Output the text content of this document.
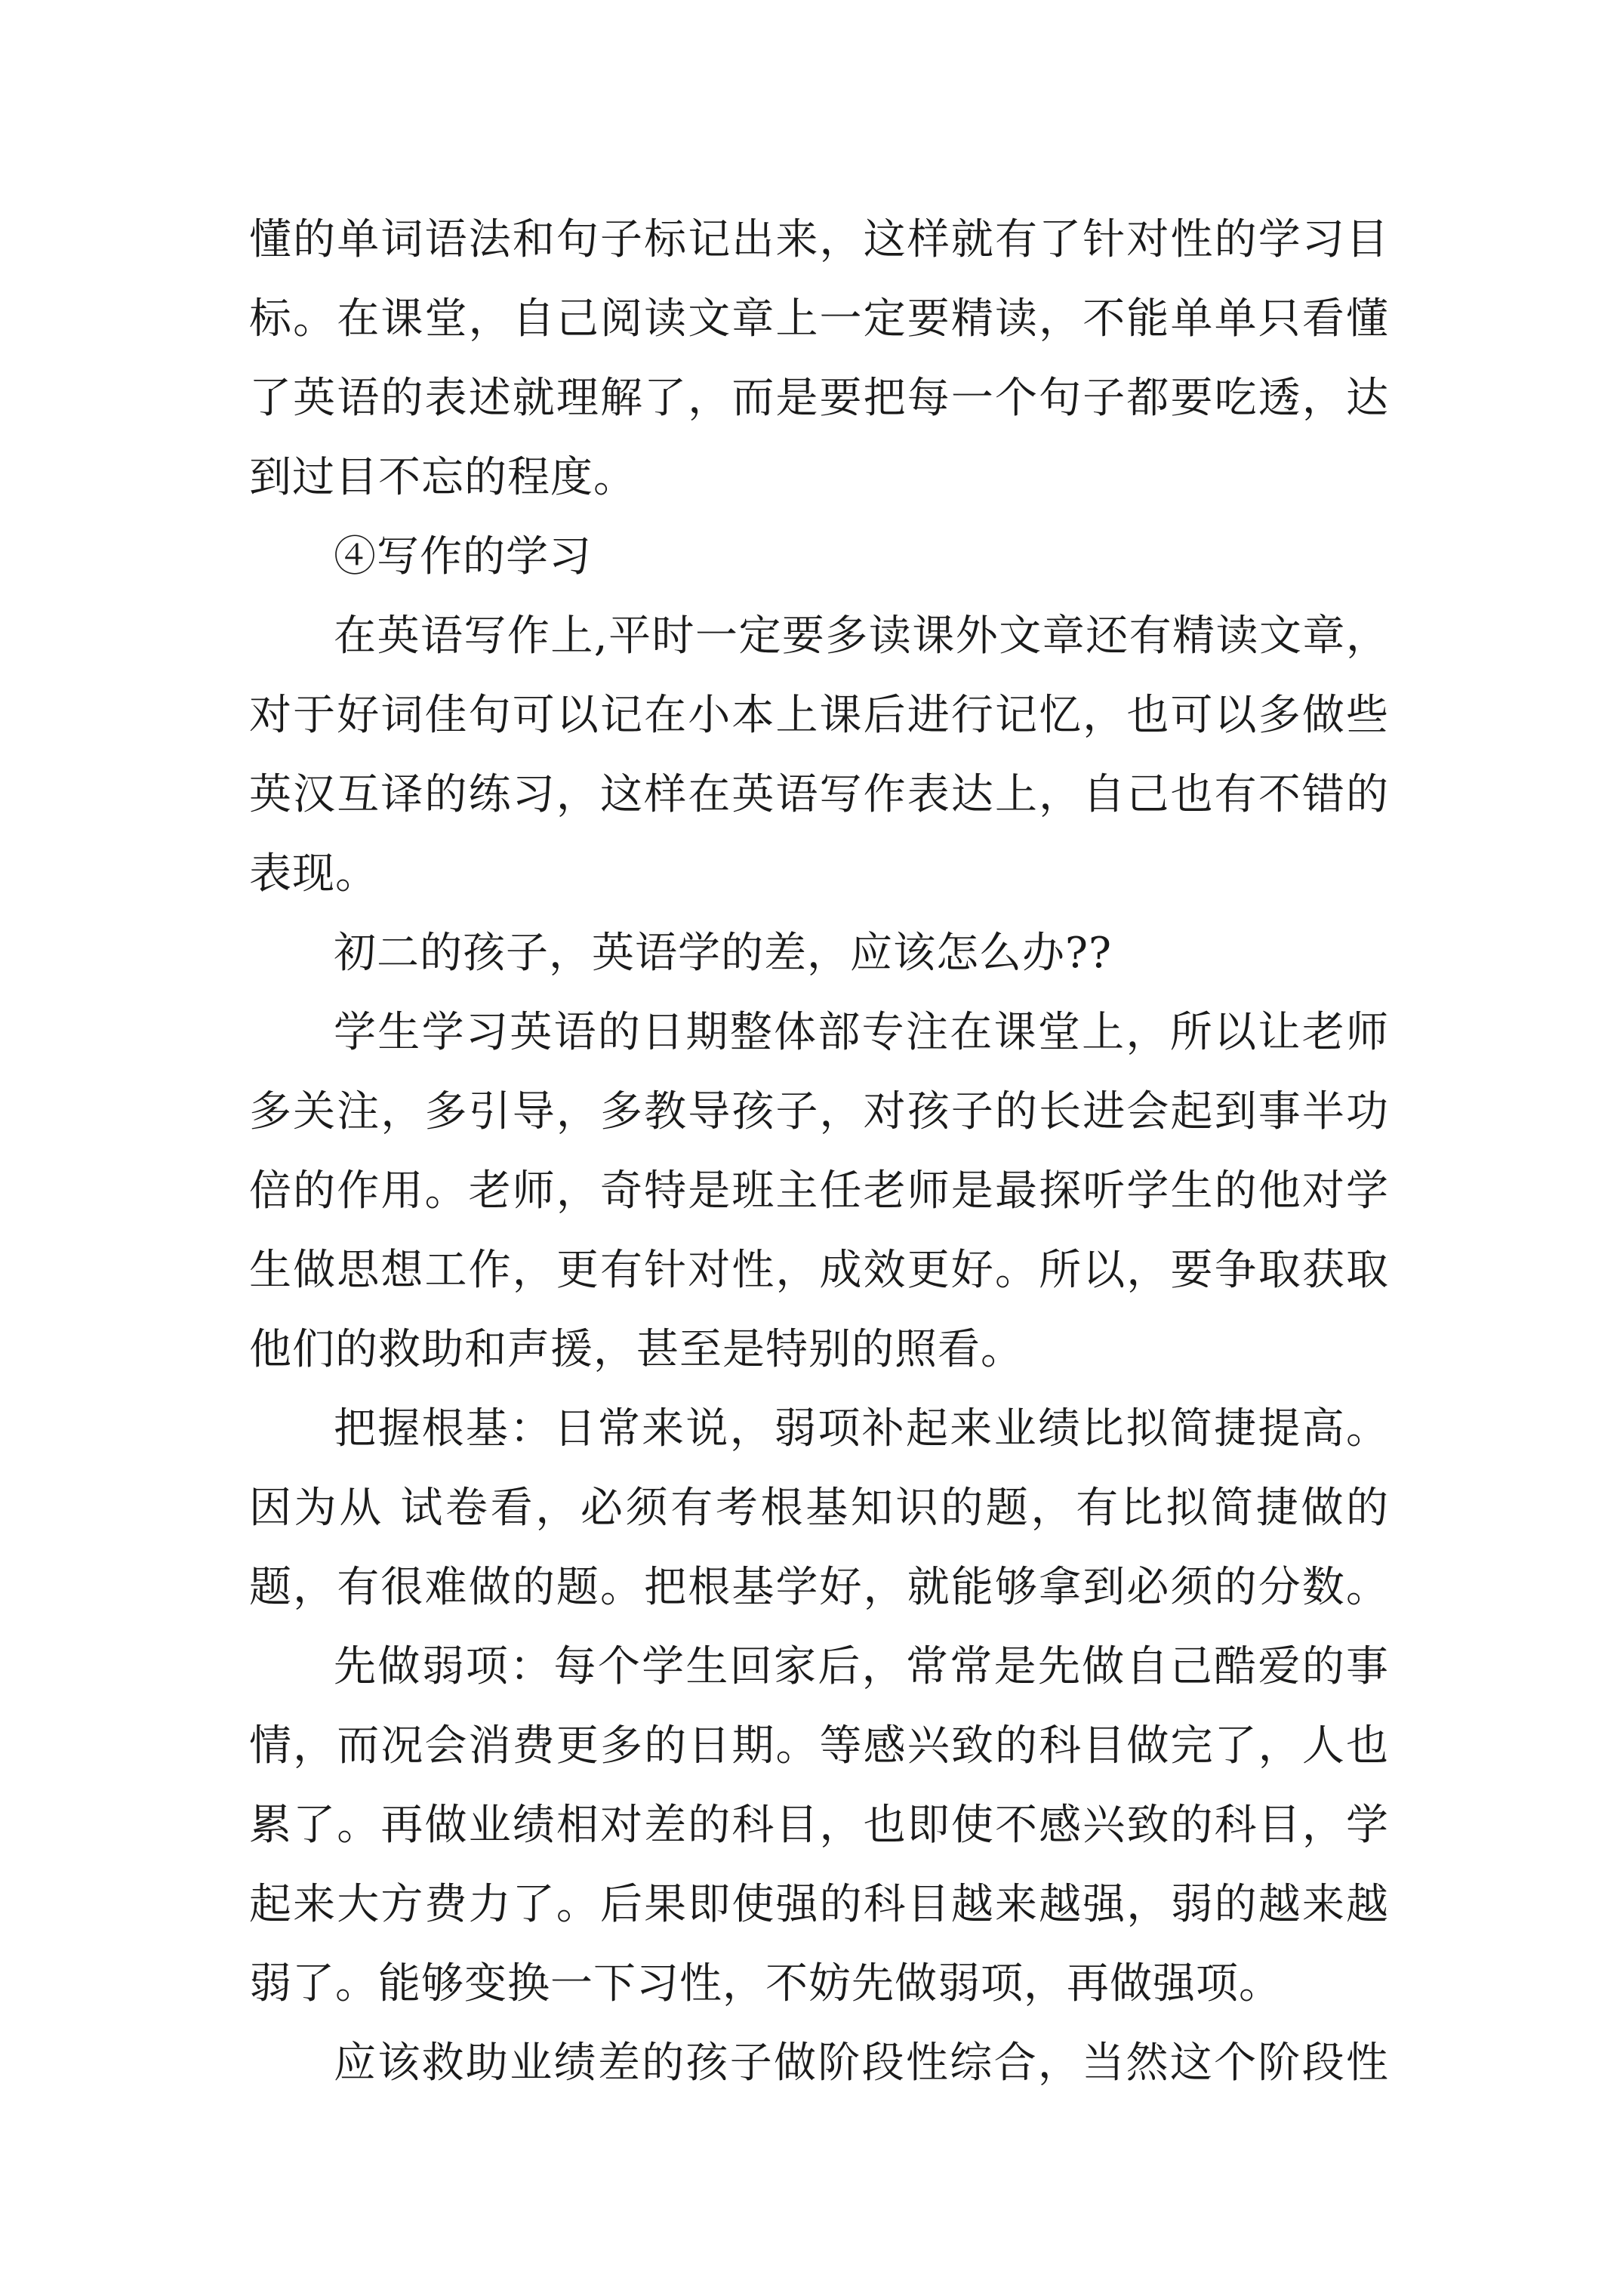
懂的单词语法和句子标记出来，这样就有了针对性的学习目
标。在课堂，自己阅读文章上一定要精读，不能单单只看懂
了英语的表述就理解了，而是要把每一个句子都要吃透，达
到过目不忘的程度。
④写作的学习
在英语写作上,平时一定要多读课外文章还有精读文章，
对于好词佳句可以记在小本上课后进行记忆，也可以多做些
英汉互译的练习，这样在英语写作表达上，自己也有不错的
表现。
初二的孩子，英语学的差，应该怎么办??
学生学习英语的日期整体部专注在课堂上，所以让老师
多关注，多引导，多教导孩子，对孩子的长进会起到事半功
倍的作用。老师，奇特是班主任老师是最探听学生的他对学
生做思想工作，更有针对性，成效更好。所以，要争取获取
他们的救助和声援，甚至是特别的照看。
把握根基：日常来说，弱项补起来业绩比拟简捷提高。
因为从 试卷看，必须有考根基知识的题，有比拟简捷做的
题，有很难做的题。把根基学好，就能够拿到必须的分数。
先做弱项：每个学生回家后，常常是先做自己酷爱的事
情，而况会消费更多的日期。等感兴致的科目做完了，人也
累了。再做业绩相对差的科目，也即使不感兴致的科目，学
起来大方费力了。后果即使强的科目越来越强，弱的越来越
弱了。能够变换一下习性，不妨先做弱项，再做强项。
应该救助业绩差的孩子做阶段性综合，当然这个阶段性
